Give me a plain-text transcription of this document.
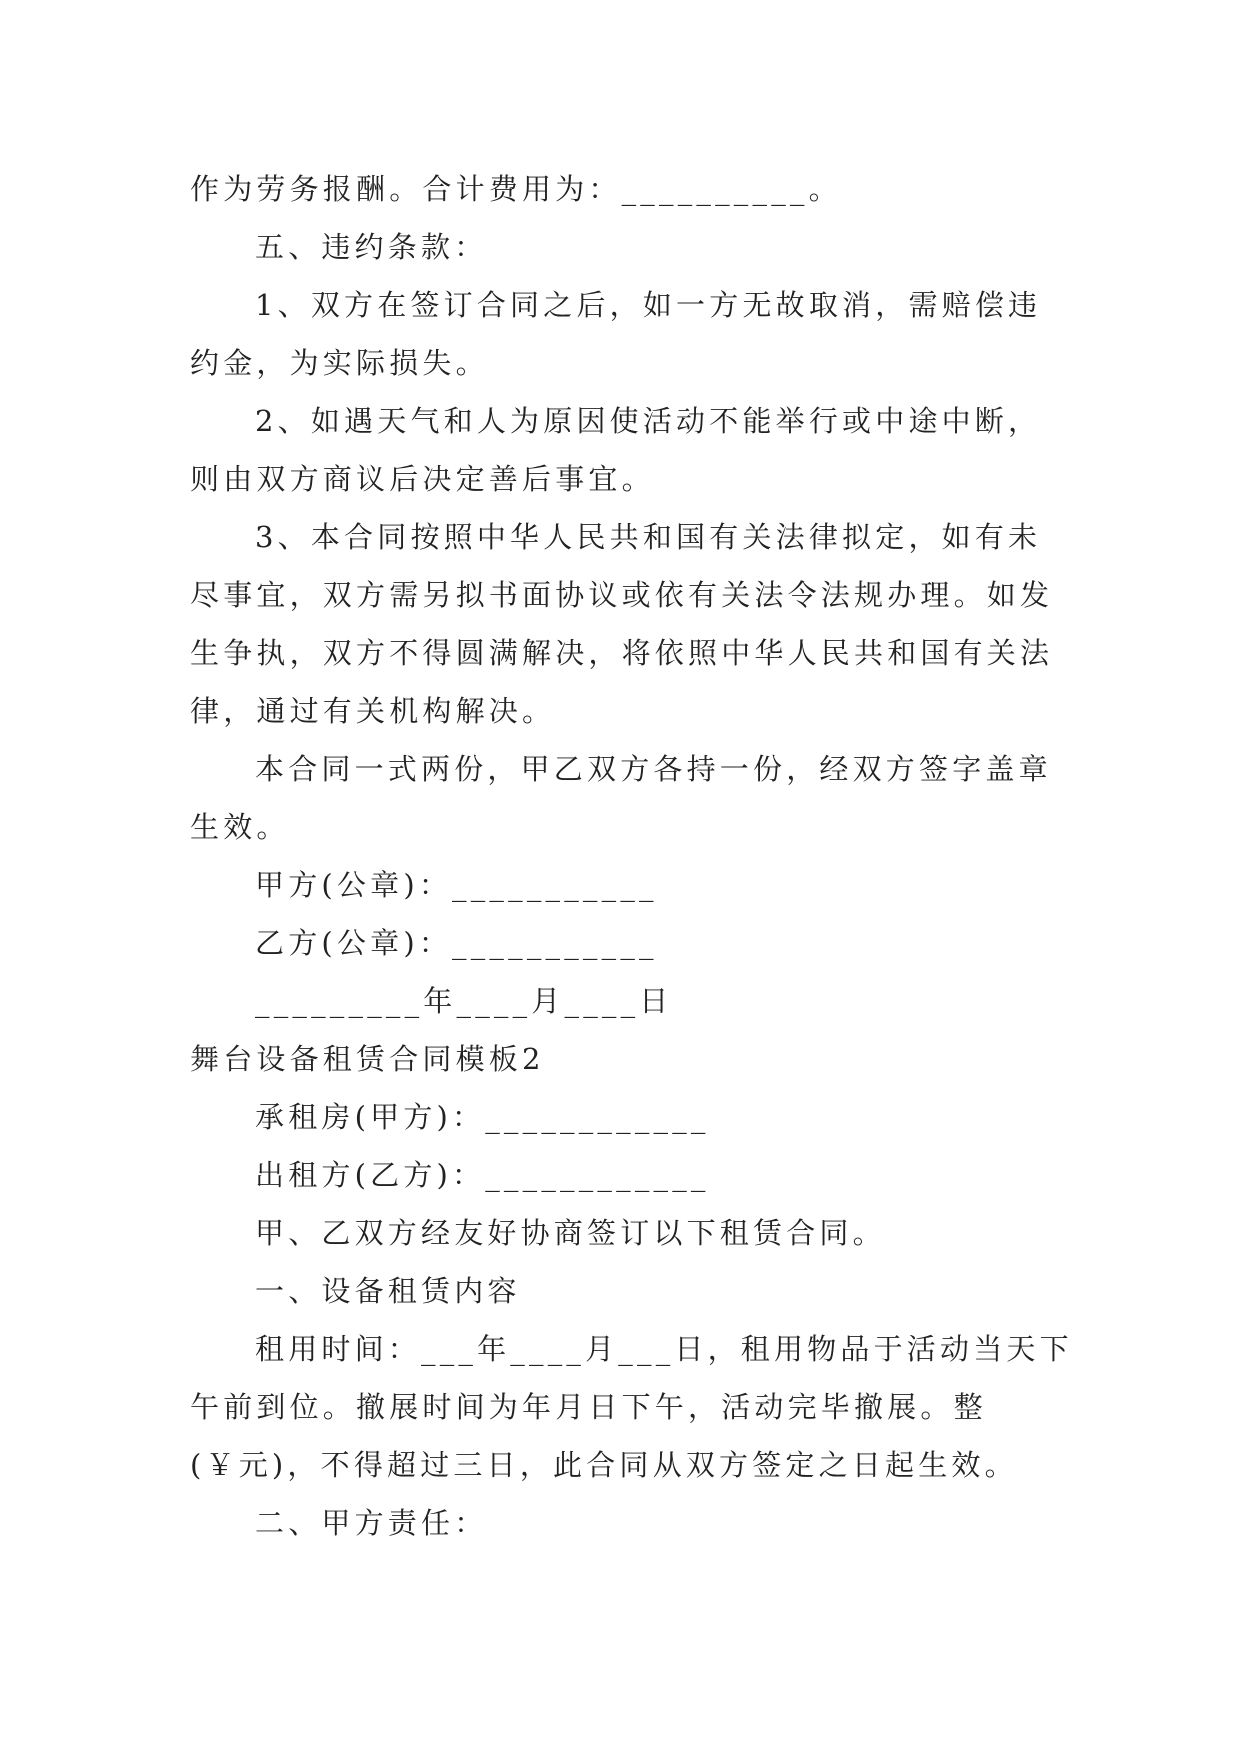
作为劳务报酬。合计费用为：__________。
五、违约条款：
1、双方在签订合同之后，如一方无故取消，需赔偿违
约金，为实际损失。
2、如遇天气和人为原因使活动不能举行或中途中断，
则由双方商议后决定善后事宜。
3、本合同按照中华人民共和国有关法律拟定，如有未
尽事宜，双方需另拟书面协议或依有关法令法规办理。如发
生争执，双方不得圆满解决，将依照中华人民共和国有关法
律，通过有关机构解决。
本合同一式两份，甲乙双方各持一份，经双方签字盖章
生效。
甲方(公章)：___________
乙方(公章)：___________
_________年____月____日
舞台设备租赁合同模板2
承租房(甲方)：____________
出租方(乙方)：____________
甲、乙双方经友好协商签订以下租赁合同。
一、设备租赁内容
租用时间：___年____月___日，租用物品于活动当天下
午前到位。撤展时间为年月日下午，活动完毕撤展。整
(￥元)，不得超过三日，此合同从双方签定之日起生效。
二、甲方责任：
